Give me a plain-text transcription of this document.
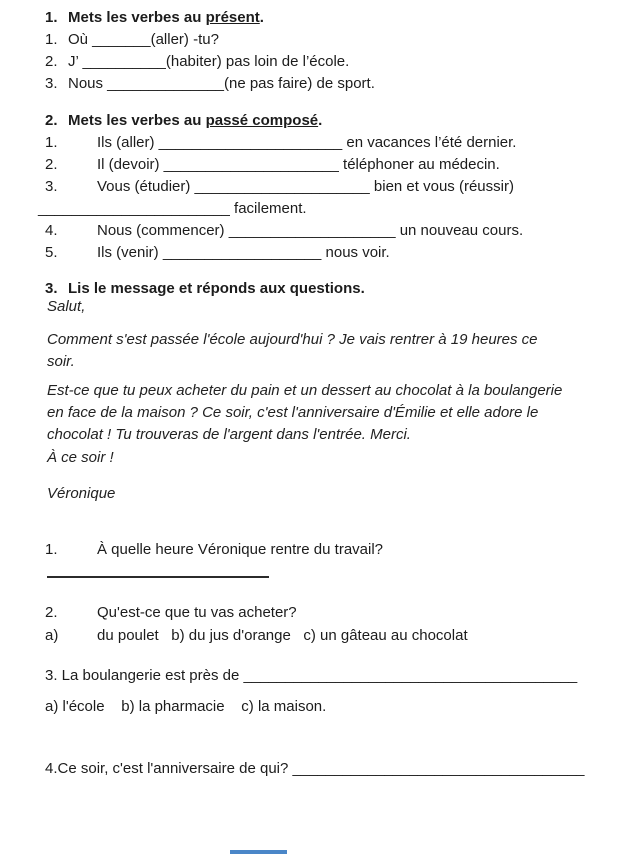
1. Mets les verbes au présent.
1. Où _______(aller) -tu?
2. J’ __________(habiter) pas loin de l’école.
3. Nous ______________(ne pas faire) de sport.
2. Mets les verbes au passé composé.
1.	Ils (aller) ______________________ en vacances l’été dernier.
2.	Il (devoir) _____________________ téléphoner au médecin.
3.	Vous (étudier) _____________________ bien et vous (réussir)
_______________________ facilement.
4.	Nous (commencer) ____________________ un nouveau cours.
5.	Ils (venir) ___________________ nous voir.
3. Lis le message et réponds aux questions.
Salut,
Comment s'est passée l'école aujourd'hui ? Je vais rentrer à 19 heures ce
soir.
Est-ce que tu peux acheter du pain et un dessert au chocolat à la boulangerie
en face de la maison ? Ce soir, c'est l'anniversaire d'Émilie et elle adore le
chocolat ! Tu trouveras de l'argent dans l'entrée. Merci.
À ce soir !
Véronique
1.	À quelle heure Véronique rentre du travail?
2.	Qu'est-ce que tu vas acheter?
a)	du poulet   b) du jus d'orange   c) un gâteau au chocolat
3. La boulangerie est près de ________________________________________
a) l'école    b) la pharmacie    c) la maison.
4.Ce soir, c'est l'anniversaire de qui? ___________________________________
